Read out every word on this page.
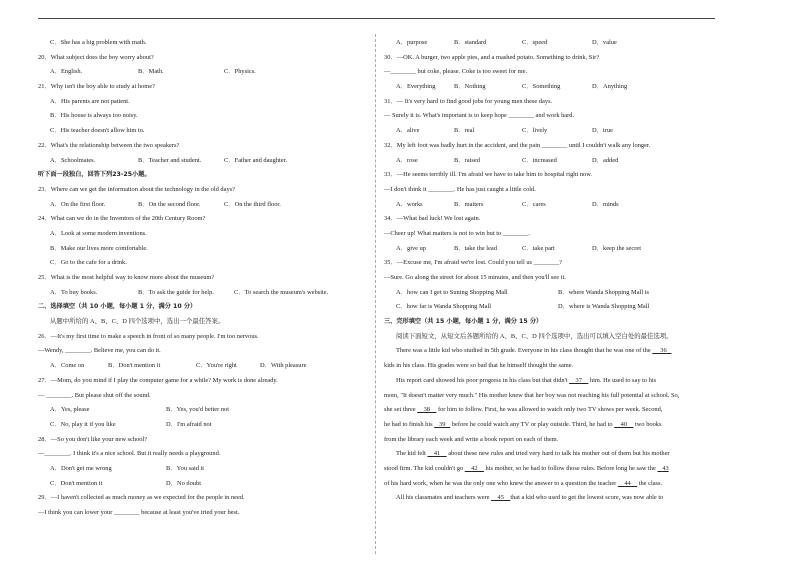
C．She has a big problem with math.
20．What subject does the boy worry about?
A．English.	B．Math.	C．Physics.
21．Why isn't the boy able to study at home?
A．His parents are not patient.
B．His house is always too noisy.
C．His teacher doesn't allow him to.
22．What's the relationship between the two speakers?
A．Schoolmates.	B．Teacher and student.	C．Father and daughter.
听下面一段独白，回答下列23-25小题。
23．Where can we get the information about the technology in the old days?
A．On the first floor.	B．On the second floor.	C．On the third floor.
24．What can we do in the Inventors of the 20th Century Room?
A．Look at some modern inventions.
B．Make our lives more comfortable.
C．Go to the cafe for a drink.
25．What is the most helpful way to know more about the museum?
A．To buy books.	B．To ask the guide for help.	C．To search the museum's website.
二、选择填空（共 10 小题，每小题 1 分，满分 10 分）
从题中所给的 A、B、C、D 四个选项中，选出一个最佳答案。
26．—It's my first time to make a speech in front of so many people. I'm too nervous.
—Wendy, ________. Believe me, you can do it.
A．Come on	B．Don't mention it	C．You're right	D．With pleasure
27．—Mom, do you mind if I play the computer game for a while? My work is done already.
— ________. But please shut off the sound.
A．Yes, please	B．Yes, you'd better not
C．No, play it if you like	D．I'm afraid not
28．—So you don't like your new school?
—________. I think it's a nice school. But it really needs a playground.
A．Don't get me wrong	B．You said it
C．Don't mention it	D．No doubt
29．—I haven't collected as much money as we expected for the people in need.
—I think you can lower your ________ because at least you've tried your best.
A．purpose	B．standard	C．speed	D．value
30．—OK. A burger, two apple pies, and a mashed potato. Something to drink, Sir?
—________ but coke, please. Coke is too sweet for me.
A．Everything	B．Nothing	C．Something	D．Anything
31．— It's very hard to find good jobs for young men these days.
— Surely it is. What's important is to keep hope ________ and work hard.
A．alive	B．real	C．lively	D．true
32．My left foot was badly hurt in the accident, and the pain ________ until I couldn't walk any longer.
A．rose	B．raised	C．increased	D．added
33．—He seems terribly ill. I'm afraid we have to take him to hospital right now.
—I don't think it ________. He has just caught a little cold.
A．works	B．matters	C．cares	D．minds
34．—What bad luck! We lost again.
—Cheer up! What matters is not to win but to ________.
A．give up	B．take the lead	C．take part	D．keep the secret
35．—Excuse me, I'm afraid we're lost. Could you tell us ________?
—Sure. Go along the street for about 15 minutes, and then you'll see it.
A．how can I get to Suning Shopping Mall	B．where Wanda Shopping Mall is
C．how far is Wanda Shopping Mall	D．where is Wanda Shopping Mall
三、完形填空（共 15 小题，每小题 1 分，满分 15 分）
阅读下面短文，从短文后各题所给的 A、B、C、D 四个选项中，选出可以填入空白处的最佳选项。
There was a little kid who studied in 5th grade. Everyone in his class thought that he was one of the 36
kids in his class. His grades were so bad that he himself thought the same.
His report card showed his poor progress in his class but that didn't 37 him. He used to say to his
mom, "It doesn't matter very much." His mother knew that her boy was not reaching his full potential at school. So,
she set three 38 for him to follow. First, he was allowed to watch only two TV shows per week. Second,
he had to finish his 39 before he could watch any TV or play outside. Third, he had to 40 two books
from the library each week and write a book report on each of them.
The kid felt 41 about these new rules and tried very hard to talk his mother out of them but his mother
stood firm. The kid couldn't go 42 his mother, so he had to follow those rules. Before long he saw the 43
of his hard work, when he was the only one who knew the answer to a question the teacher 44 the class.
All his classmates and teachers were 45 that a kid who used to get the lowest score, was now able to
